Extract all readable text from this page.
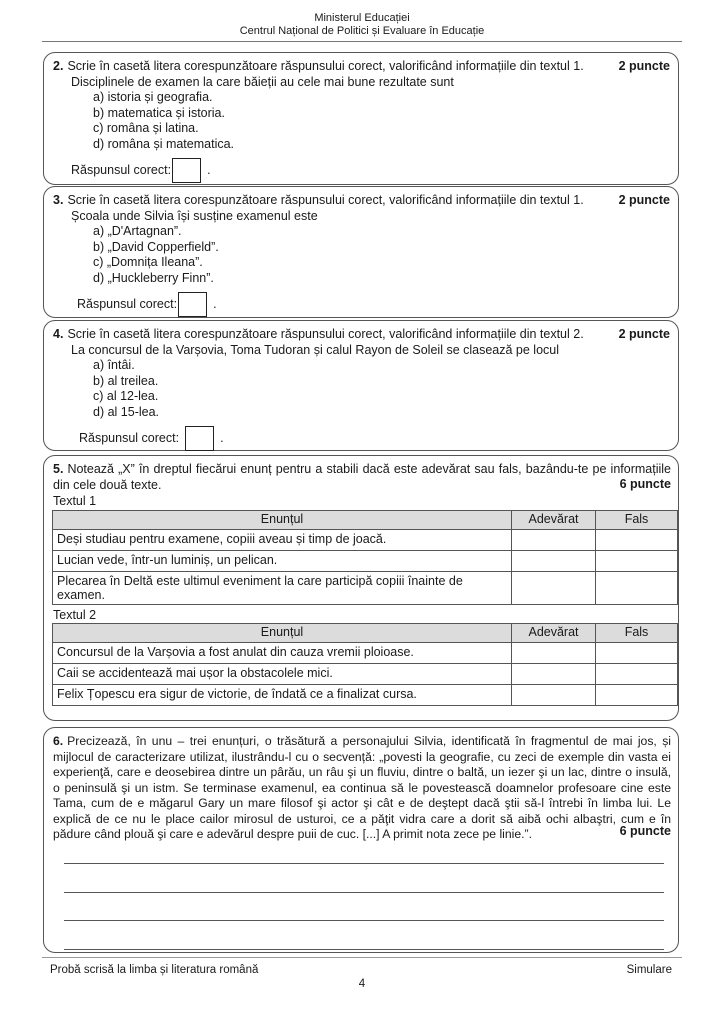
Ministerul Educației
Centrul Național de Politici și Evaluare în Educație
2. Scrie în casetă litera corespunzătoare răspunsului corect, valorificând informațiile din textul 1.	2 puncte
Disciplinele de examen la care băieții au cele mai bune rezultate sunt
a) istoria și geografia.
b) matematica și istoria.
c) româna și latina.
d) româna și matematica.
Răspunsul corect:	.
3. Scrie în casetă litera corespunzătoare răspunsului corect, valorificând informațiile din textul 1.	2 puncte
Școala unde Silvia își susține examenul este
a) „D'Artagnan”.
b) „David Copperfield”.
c) „Domnița Ileana”.
d) „Huckleberry Finn”.
Răspunsul corect:	.
4. Scrie în casetă litera corespunzătoare răspunsului corect, valorificând informațiile din textul 2.	2 puncte
La concursul de la Varșovia, Toma Tudoran și calul Rayon de Soleil se clasează pe locul
a) întâi.
b) al treilea.
c) al 12-lea.
d) al 15-lea.
Răspunsul corect:	.
5. Notează „X” în dreptul fiecărui enunț pentru a stabili dacă este adevărat sau fals, bazându-te pe informațiile din cele două texte.	6 puncte
Textul 1
Enunțul	Adevărat	Fals
Deși studiau pentru examene, copiii aveau și timp de joacă.		
Lucian vede, într-un luminiș, un pelican.		
Plecarea în Deltă este ultimul eveniment la care participă copiii înainte de examen.		
Textul 2
Enunțul	Adevărat	Fals
Concursul de la Varșovia a fost anulat din cauza vremii ploioase.		
Caii se accidentează mai ușor la obstacolele mici.		
Felix Țopescu era sigur de victorie, de îndată ce a finalizat cursa.		
6. Precizează, în unu – trei enunțuri, o trăsătură a personajului Silvia, identificată în fragmentul de mai jos, și mijlocul de caracterizare utilizat, ilustrându-l cu o secvență: „povesti la geografie, cu zeci de exemple din vasta ei experienţă, care e deosebirea dintre un pârău, un râu şi un fluviu, dintre o baltă, un iezer şi un lac, dintre o insulă, o peninsulă şi un istm. Se terminase examenul, ea continua să le povestească doamnelor profesoare cine este Tama, cum de e măgarul Gary un mare filosof şi actor şi cât e de deştept dacă ştii să-l întrebi în limba lui. Le explică de ce nu le place cailor mirosul de usturoi, ce a păţit vidra care a dorit să aibă ochi albaştri, cum e în pădure când plouă şi care e adevărul despre puii de cuc. [...] A primit nota zece pe linie.”.	6 puncte
Probă scrisă la limba și literatura română	Simulare
4
